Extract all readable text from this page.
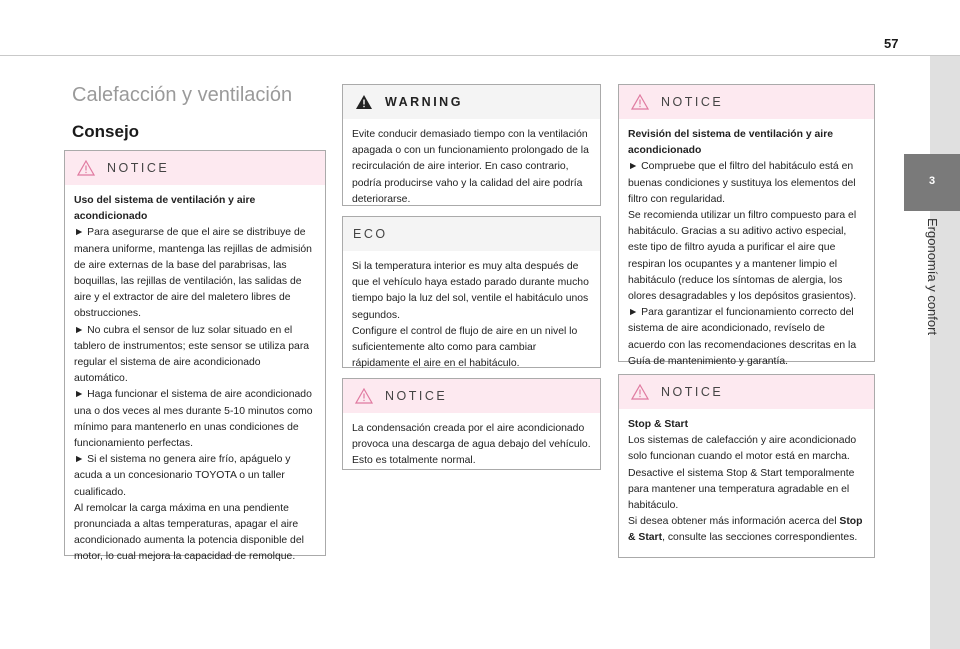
57
3
Ergonomía y confort
Calefacción y ventilación
Consejo
NOTICE

Uso del sistema de ventilación y aire acondicionado

► Para asegurarse de que el aire se distribuye de manera uniforme, mantenga las rejillas de admisión de aire externas de la base del parabrisas, las boquillas, las rejillas de ventilación, las salidas de aire y el extractor de aire del maletero libres de obstrucciones.

► No cubra el sensor de luz solar situado en el tablero de instrumentos; este sensor se utiliza para regular el sistema de aire acondicionado automático.

► Haga funcionar el sistema de aire acondicionado una o dos veces al mes durante 5-10 minutos como mínimo para mantenerlo en unas condiciones de funcionamiento perfectas.

► Si el sistema no genera aire frío, apáguelo y acuda a un concesionario TOYOTA o un taller cualificado.

Al remolcar la carga máxima en una pendiente pronunciada a altas temperaturas, apagar el aire acondicionado aumenta la potencia disponible del motor, lo cual mejora la capacidad de remolque.

WARNING

Evite conducir demasiado tiempo con la ventilación apagada o con un funcionamiento prolongado de la recirculación de aire interior. En caso contrario, podría producirse vaho y la calidad del aire podría deteriorarse.

ECO

Si la temperatura interior es muy alta después de que el vehículo haya estado parado durante mucho tiempo bajo la luz del sol, ventile el habitáculo unos segundos.

Configure el control de flujo de aire en un nivel lo suficientemente alto como para cambiar rápidamente el aire en el habitáculo.

NOTICE

La condensación creada por el aire acondicionado provoca una descarga de agua debajo del vehículo. Esto es totalmente normal.

NOTICE

Revisión del sistema de ventilación y aire acondicionado

► Compruebe que el filtro del habitáculo está en buenas condiciones y sustituya los elementos del filtro con regularidad.

Se recomienda utilizar un filtro compuesto para el habitáculo. Gracias a su aditivo activo especial, este tipo de filtro ayuda a purificar el aire que respiran los ocupantes y a mantener limpio el habitáculo (reduce los síntomas de alergia, los olores desagradables y los depósitos grasientos).

► Para garantizar el funcionamiento correcto del sistema de aire acondicionado, revíselo de acuerdo con las recomendaciones descritas en la Guía de mantenimiento y garantía.

NOTICE

Stop & Start

Los sistemas de calefacción y aire acondicionado solo funcionan cuando el motor está en marcha.

Desactive el sistema Stop & Start temporalmente para mantener una temperatura agradable en el habitáculo.

Si desea obtener más información acerca del Stop & Start, consulte las secciones correspondientes.
